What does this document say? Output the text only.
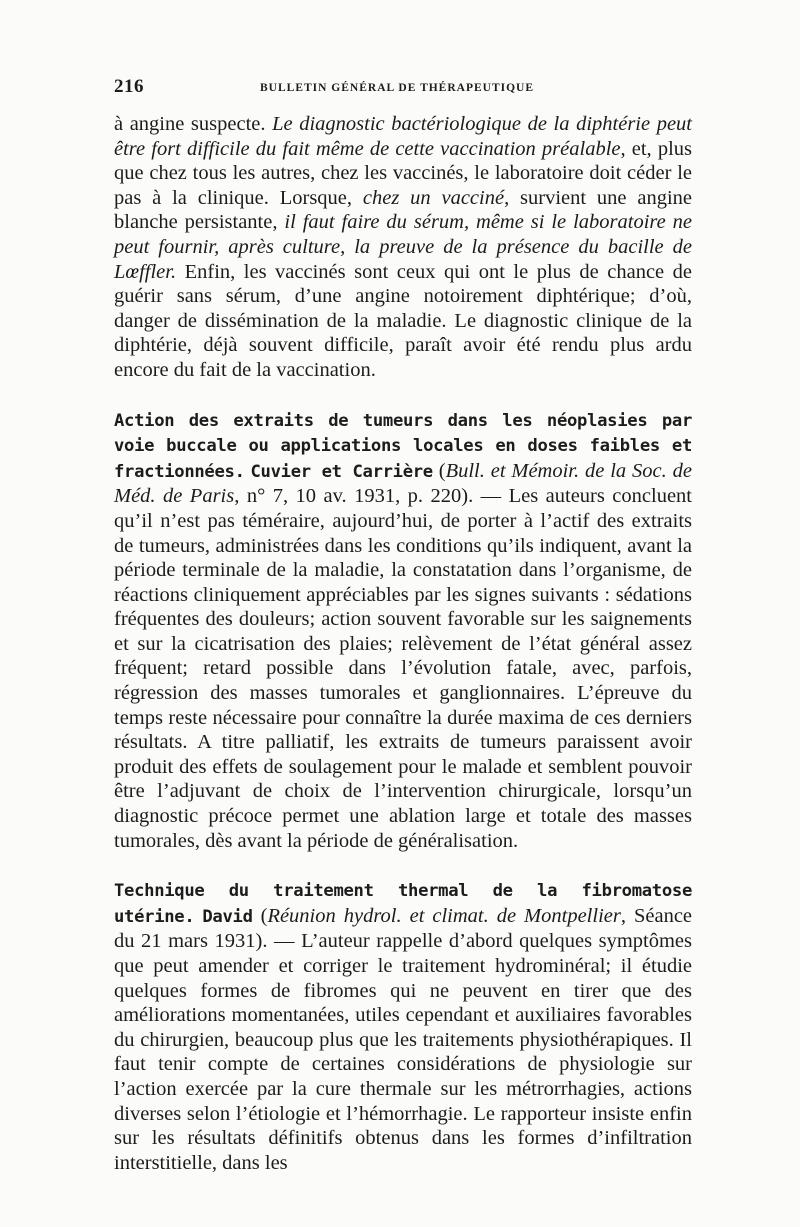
216	BULLETIN GÉNÉRAL DE THÉRAPEUTIQUE

à angine suspecte. Le diagnostic bactériologique de la diphtérie peut être fort difficile du fait même de cette vaccination préalable, et, plus que chez tous les autres, chez les vaccinés, le laboratoire doit céder le pas à la clinique. Lorsque, chez un vacciné, survient une angine blanche persistante, il faut faire du sérum, même si le laboratoire ne peut fournir, après culture, la preuve de la présence du bacille de Lœffler. Enfin, les vaccinés sont ceux qui ont le plus de chance de guérir sans sérum, d’une angine notoirement diphtérique; d’où, danger de dissémination de la maladie. Le diagnostic clinique de la diphtérie, déjà souvent difficile, paraît avoir été rendu plus ardu encore du fait de la vaccination.

Action des extraits de tumeurs dans les néoplasies par voie buccale ou applications locales en doses faibles et fractionnées. Cuvier et Carrière (Bull. et Mémoir. de la Soc. de Méd. de Paris, n° 7, 10 av. 1931, p. 220). — Les auteurs concluent qu’il n’est pas téméraire, aujourd’hui, de porter à l’actif des extraits de tumeurs, administrées dans les conditions qu’ils indiquent, avant la période terminale de la maladie, la constatation dans l’organisme, de réactions cliniquement appréciables par les signes suivants : sédations fréquentes des douleurs; action souvent favorable sur les saignements et sur la cicatrisation des plaies; relèvement de l’état général assez fréquent; retard possible dans l’évolution fatale, avec, parfois, régression des masses tumorales et ganglionnaires. L’épreuve du temps reste nécessaire pour connaître la durée maxima de ces derniers résultats. A titre palliatif, les extraits de tumeurs paraissent avoir produit des effets de soulagement pour le malade et semblent pouvoir être l’adjuvant de choix de l’intervention chirurgicale, lorsqu’un diagnostic précoce permet une ablation large et totale des masses tumorales, dès avant la période de généralisation.

Technique du traitement thermal de la fibromatose utérine. David (Réunion hydrol. et climat. de Montpellier, Séance du 21 mars 1931). — L’auteur rappelle d’abord quelques symptômes que peut amender et corriger le traitement hydrominéral; il étudie quelques formes de fibromes qui ne peuvent en tirer que des améliorations momentanées, utiles cependant et auxiliaires favorables du chirurgien, beaucoup plus que les traitements physiothérapiques. Il faut tenir compte de certaines considérations de physiologie sur l’action exercée par la cure thermale sur les métrorrhagies, actions diverses selon l’étiologie et l’hémorrhagie. Le rapporteur insiste enfin sur les résultats définitifs obtenus dans les formes d’infiltration interstitielle, dans les
